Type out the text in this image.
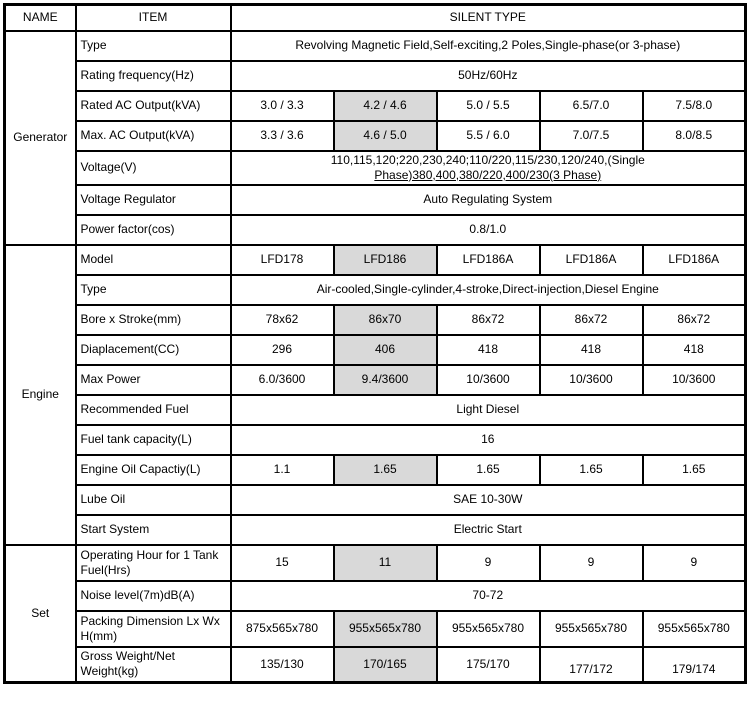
NAME	ITEM	SILENT TYPE				
Generator	Type	Revolving Magnetic Field,Self-exciting,2 Poles,Single-phase(or 3-phase)				
	Rating frequency(Hz)	50Hz/60Hz				
	Rated AC Output(kVA)	3.0 / 3.3	4.2 / 4.6	5.0 / 5.5	6.5/7.0	7.5/8.0
	Max. AC Output(kVA)	3.3 / 3.6	4.6 / 5.0	5.5 / 6.0	7.0/7.5	8.0/8.5
	Voltage(V)	110,115,120;220,230,240;110/220,115/230,120/240,(Single
Phase)380,400,380/220,400/230(3 Phase)				

	Voltage Regulator	Auto Regulating System				
	Power factor(cos)	0.8/1.0				
Engine	Model	LFD178	LFD186	LFD186A	LFD186A	LFD186A
	Type	Air-cooled,Single-cylinder,4-stroke,Direct-injection,Diesel Engine				
	Bore x Stroke(mm)	78x62	86x70	86x72	86x72	86x72
	Diaplacement(CC)	296	406	418	418	418
	Max Power	6.0/3600	9.4/3600	10/3600	10/3600	10/3600
	Recommended Fuel	Light Diesel				
	Fuel tank capacity(L)	16				
	Engine Oil Capactiy(L)	1.1	1.65	1.65	1.65	1.65
	Lube Oil	SAE 10-30W				
	Start System	Electric Start				
Set	Operating Hour for 1 Tank Fuel(Hrs)	15	11	9	9	9
	Noise level(7m)dB(A)	70-72				
	Packing Dimension Lx Wx H(mm)	875x565x780	955x565x780	955x565x780	955x565x780	955x565x780
	Gross Weight/Net Weight(kg)	135/130	170/165	175/170	177/172	179/174
